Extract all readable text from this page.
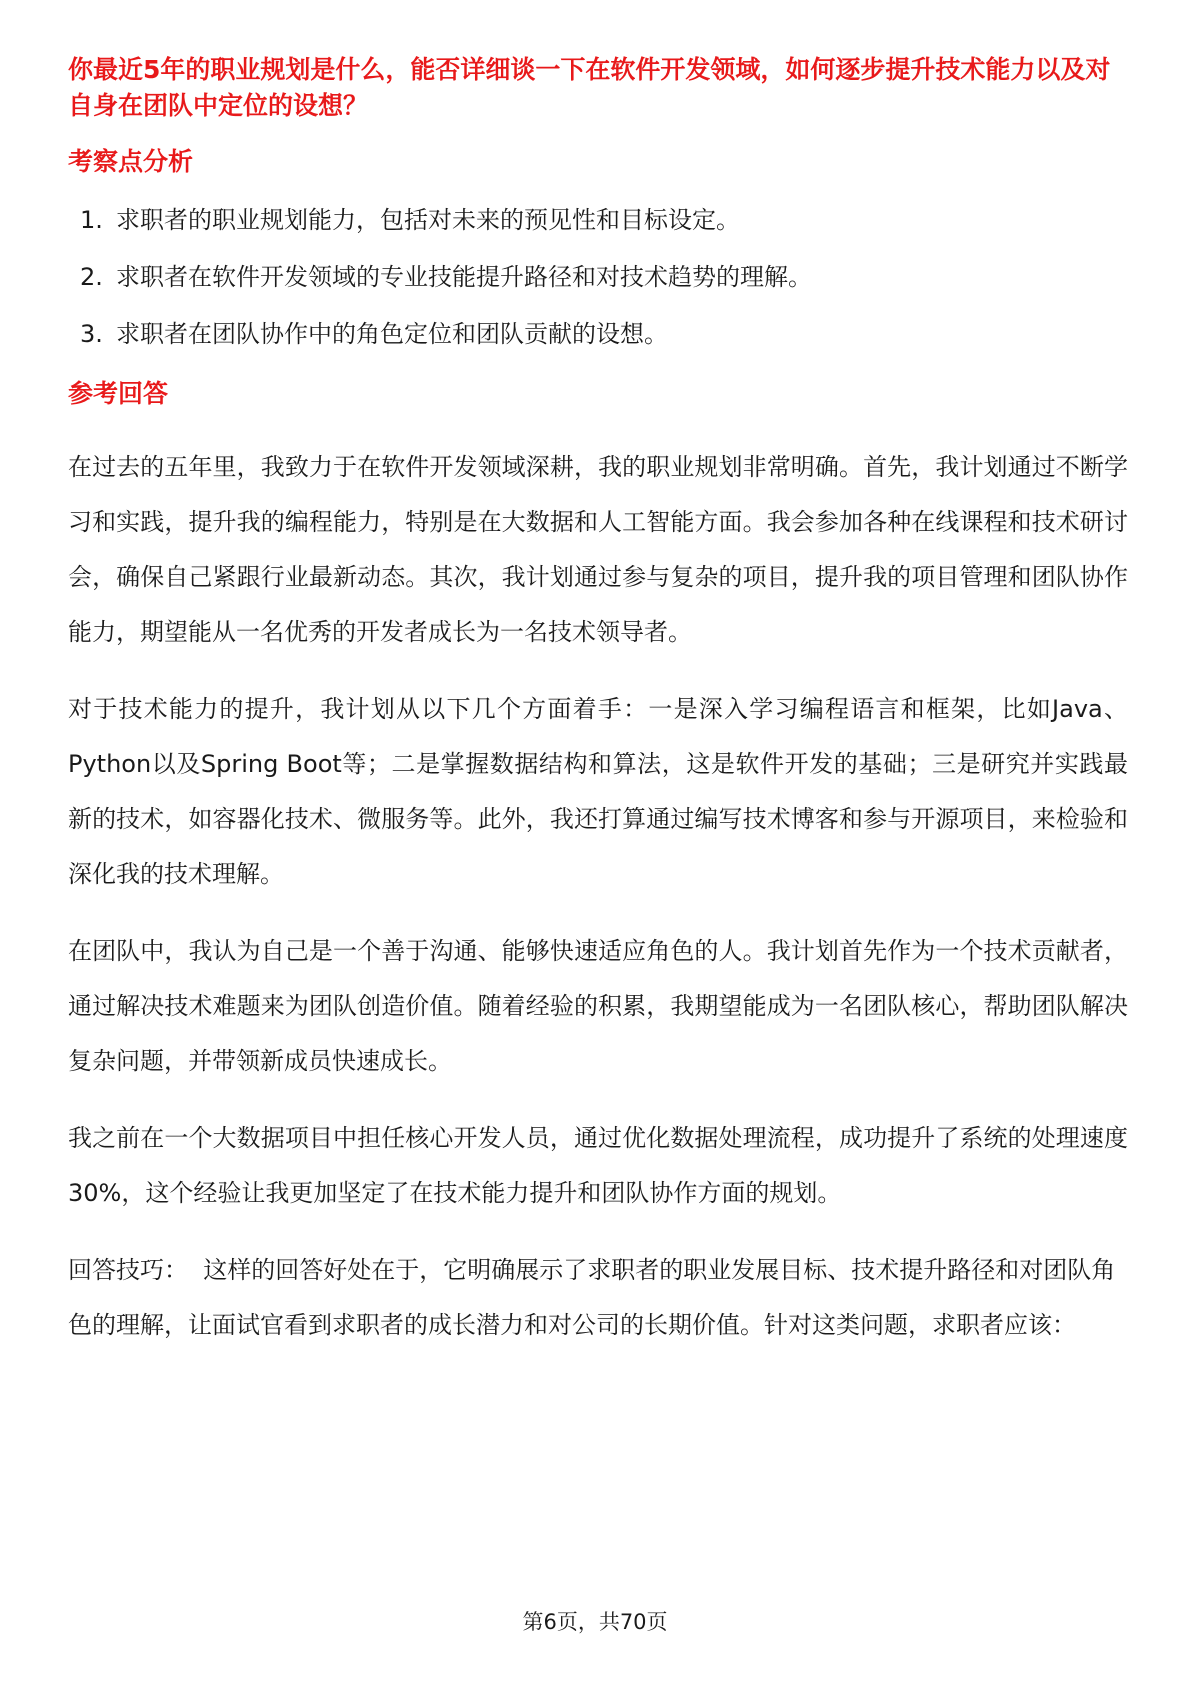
你最近5年的职业规划是什么，能否详细谈一下在软件开发领域，如何逐步提升技术能力以及对自身在团队中定位的设想？

考察点分析

1. 求职者的职业规划能力，包括对未来的预见性和目标设定。
2. 求职者在软件开发领域的专业技能提升路径和对技术趋势的理解。
3. 求职者在团队协作中的角色定位和团队贡献的设想。

参考回答

在过去的五年里，我致力于在软件开发领域深耕，我的职业规划非常明确。首先，我计划通过不断学习和实践，提升我的编程能力，特别是在大数据和人工智能方面。我会参加各种在线课程和技术研讨会，确保自己紧跟行业最新动态。其次，我计划通过参与复杂的项目，提升我的项目管理和团队协作能力，期望能从一名优秀的开发者成长为一名技术领导者。

对于技术能力的提升，我计划从以下几个方面着手：一是深入学习编程语言和框架，比如Java、Python以及Spring Boot等；二是掌握数据结构和算法，这是软件开发的基础；三是研究并实践最新的技术，如容器化技术、微服务等。此外，我还打算通过编写技术博客和参与开源项目，来检验和深化我的技术理解。

在团队中，我认为自己是一个善于沟通、能够快速适应角色的人。我计划首先作为一个技术贡献者，通过解决技术难题来为团队创造价值。随着经验的积累，我期望能成为一名团队核心，帮助团队解决复杂问题，并带领新成员快速成长。

我之前在一个大数据项目中担任核心开发人员，通过优化数据处理流程，成功提升了系统的处理速度30%，这个经验让我更加坚定了在技术能力提升和团队协作方面的规划。

回答技巧： 这样的回答好处在于，它明确展示了求职者的职业发展目标、技术提升路径和对团队角色的理解，让面试官看到求职者的成长潜力和对公司的长期价值。针对这类问题，求职者应该：

第6页，共70页
